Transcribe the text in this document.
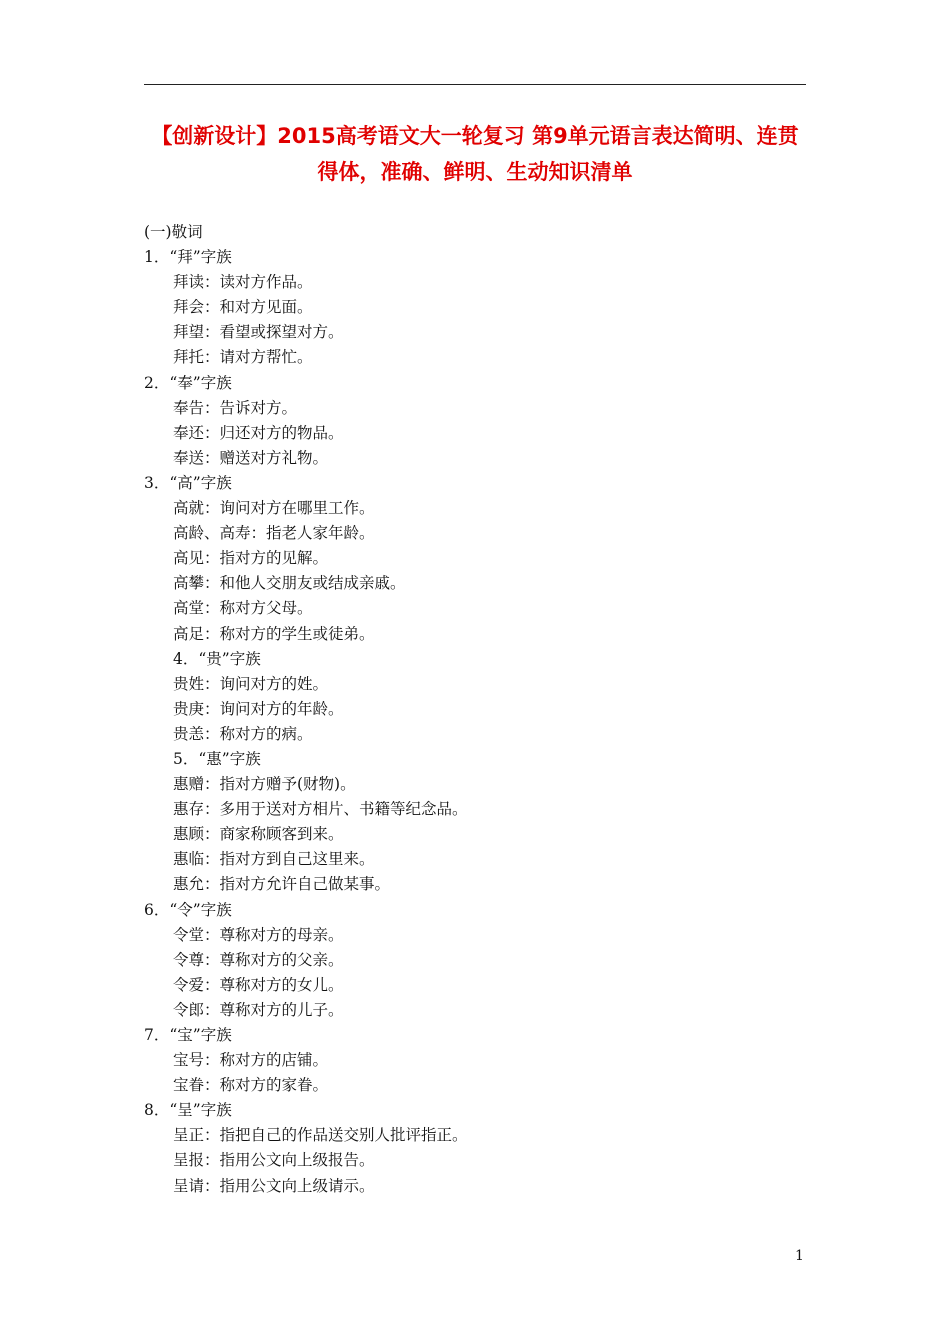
【创新设计】2015高考语文大一轮复习 第9单元语言表达简明、连贯
得体，准确、鲜明、生动知识清单
(一)敬词
1．“拜”字族
拜读：读对方作品。
拜会：和对方见面。
拜望：看望或探望对方。
拜托：请对方帮忙。
2．“奉”字族
奉告：告诉对方。
奉还：归还对方的物品。
奉送：赠送对方礼物。
3．“高”字族
高就：询问对方在哪里工作。
高龄、高寿：指老人家年龄。
高见：指对方的见解。
高攀：和他人交朋友或结成亲戚。
高堂：称对方父母。
高足：称对方的学生或徒弟。
4．“贵”字族
贵姓：询问对方的姓。
贵庚：询问对方的年龄。
贵恙：称对方的病。
5．“惠”字族
惠赠：指对方赠予(财物)。
惠存：多用于送对方相片、书籍等纪念品。
惠顾：商家称顾客到来。
惠临：指对方到自己这里来。
惠允：指对方允许自己做某事。
6．“令”字族
令堂：尊称对方的母亲。
令尊：尊称对方的父亲。
令爱：尊称对方的女儿。
令郎：尊称对方的儿子。
7．“宝”字族
宝号：称对方的店铺。
宝眷：称对方的家眷。
8．“呈”字族
呈正：指把自己的作品送交别人批评指正。
呈报：指用公文向上级报告。
呈请：指用公文向上级请示。
1
